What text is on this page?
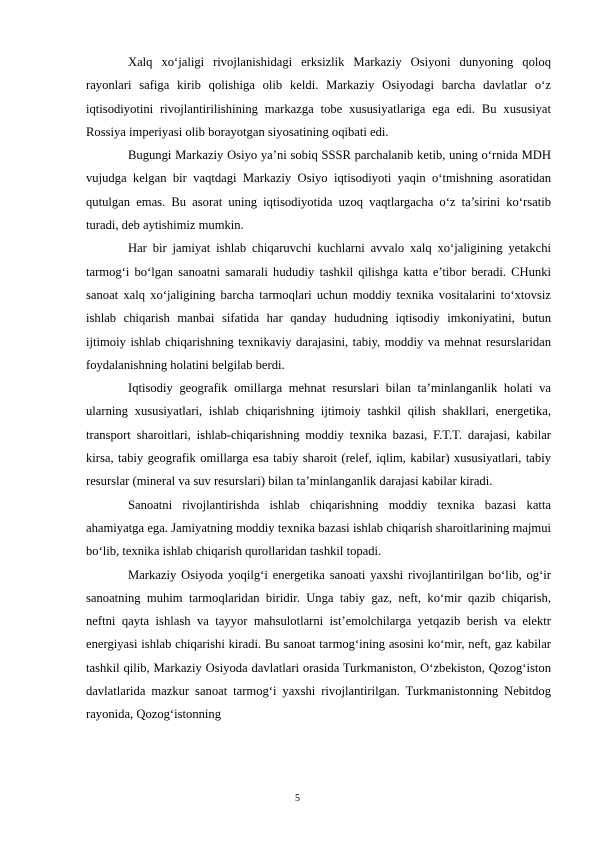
Xalq xo‘jaligi rivojlanishidagi erksizlik Markaziy Osiyoni dunyoning qoloq rayonlari safiga kirib qolishiga olib keldi. Markaziy Osiyodagi barcha davlatlar o‘z iqtisodiyotini rivojlantirilishining markazga tobe xususiyatlariga ega edi. Bu xususiyat Rossiya imperiyasi olib borayotgan siyosatining oqibati edi.

Bugungi Markaziy Osiyo ya’ni sobiq SSSR parchalanib ketib, uning o‘rnida MDH vujudga kelgan bir vaqtdagi Markaziy Osiyo iqtisodiyoti yaqin o‘tmishning asoratidan qutulgan emas. Bu asorat uning iqtisodiyotida uzoq vaqtlargacha o‘z ta’sirini ko‘rsatib turadi, deb aytishimiz mumkin.

Har bir jamiyat ishlab chiqaruvchi kuchlarni avvalo xalq xo‘jaligining yetakchi tarmog‘i bo‘lgan sanoatni samarali hududiy tashkil qilishga katta e’tibor beradi. CHunki sanoat xalq xo‘jaligining barcha tarmoqlari uchun moddiy texnika vositalarini to‘xtovsiz ishlab chiqarish manbai sifatida har qanday hududning iqtisodiy imkoniyatini, butun ijtimoiy ishlab chiqarishning texnikaviy darajasini, tabiy, moddiy va mehnat resurslaridan foydalanishning holatini belgilab berdi.

Iqtisodiy geografik omillarga mehnat resurslari bilan ta’minlanganlik holati va ularning xususiyatlari, ishlab chiqarishning ijtimoiy tashkil qilish shakllari, energetika, transport sharoitlari, ishlab-chiqarishning moddiy texnika bazasi, F.T.T. darajasi, kabilar kirsa, tabiy geografik omillarga esa tabiy sharoit (relef, iqlim, kabilar) xususiyatlari, tabiy resurslar (mineral va suv resurslari) bilan ta’minlanganlik darajasi kabilar kiradi.

Sanoatni rivojlantirishda ishlab chiqarishning moddiy texnika bazasi katta ahamiyatga ega. Jamiyatning moddiy texnika bazasi ishlab chiqarish sharoitlarining majmui bo‘lib, texnika ishlab chiqarish qurollaridan tashkil topadi.

Markaziy Osiyoda yoqilg‘i energetika sanoati yaxshi rivojlantirilgan bo‘lib, og‘ir sanoatning muhim tarmoqlaridan biridir. Unga tabiy gaz, neft, ko‘mir qazib chiqarish, neftni qayta ishlash va tayyor mahsulotlarni ist’emolchilarga yetqazib berish va elektr energiyasi ishlab chiqarishi kiradi. Bu sanoat tarmog‘ining asosini ko‘mir, neft, gaz kabilar tashkil qilib, Markaziy Osiyoda davlatlari orasida Turkmaniston, O‘zbekiston, Qozog‘iston davlatlarida mazkur sanoat tarmog‘i yaxshi rivojlantirilgan. Turkmanistonning Nebitdog rayonida, Qozog‘istonning

5
